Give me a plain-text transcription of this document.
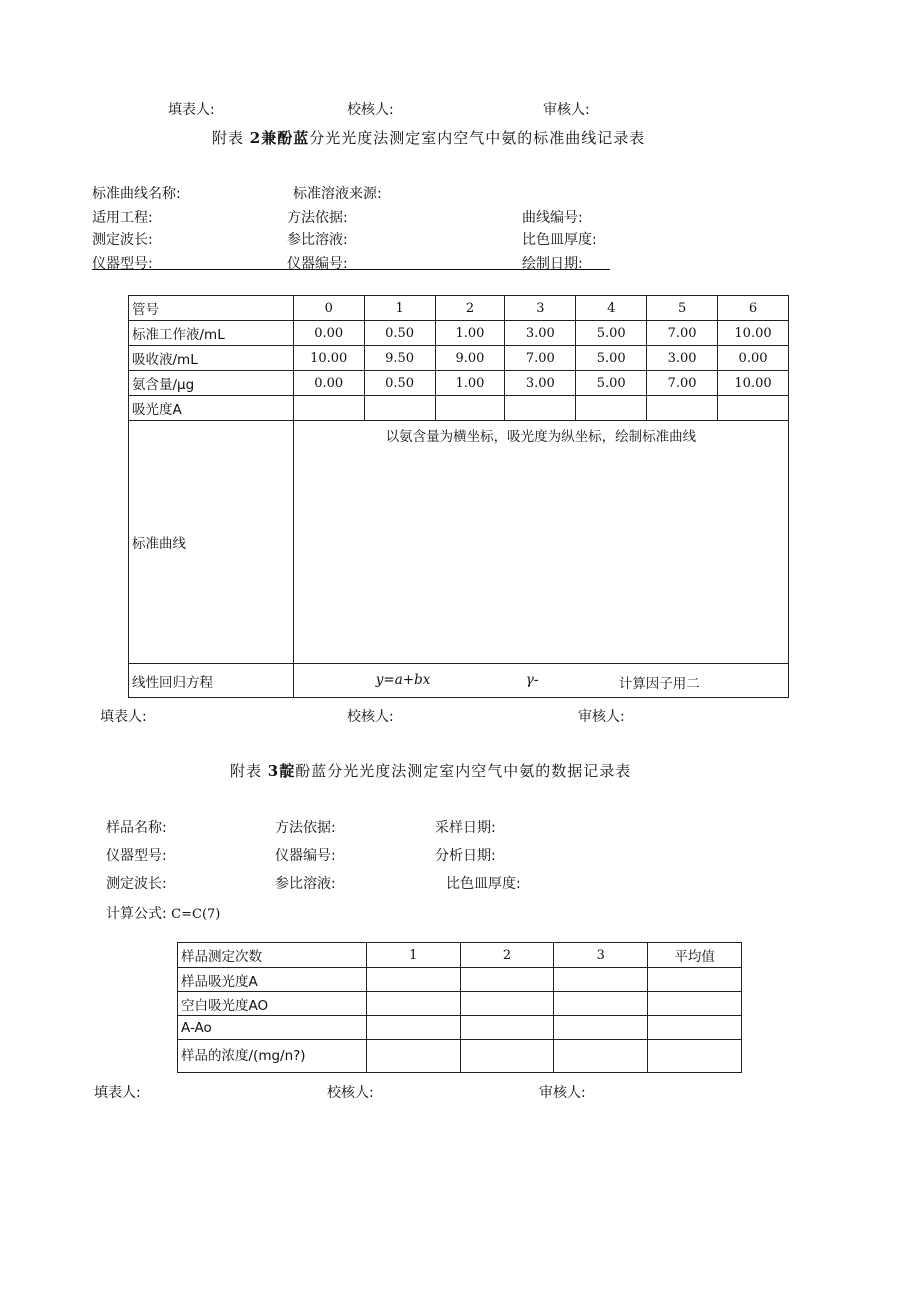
填表人:	校核人:	审核人:
附表 2兼酚蓝分光光度法测定室内空气中氨的标准曲线记录表
标准曲线名称:	标准溶液来源:
适用工程:	方法依据:	曲线编号:
测定波长:	参比溶液:	比色皿厚度:
仪器型号:	仪器编号:	绘制日期:
管号	0	1	2	3	4	5	6
标准工作液/mL	0.00	0.50	1.00	3.00	5.00	7.00	10.00
吸收液/mL	10.00	9.50	9.00	7.00	5.00	3.00	0.00
氨含量/μg	0.00	0.50	1.00	3.00	5.00	7.00	10.00
吸光度A							
标准曲线	以氨含量为横坐标，吸光度为纵坐标，绘制标准曲线						
线性回归方程	y=a+bx γ- 计算因子用二						
填表人:	校核人:	审核人:
附表 3靛酚蓝分光光度法测定室内空气中氨的数据记录表
样品名称:	方法依据:	采样日期:
仪器型号:	仪器编号:	分析日期:
测定波长:	参比溶液:	比色皿厚度:
计算公式: C=C(7)
样品测定次数	1	2	3	平均值
样品吸光度A				
空白吸光度AO				
A-Ao				
样品的浓度/(mg/n?)				
填表人:	校核人:	审核人:
